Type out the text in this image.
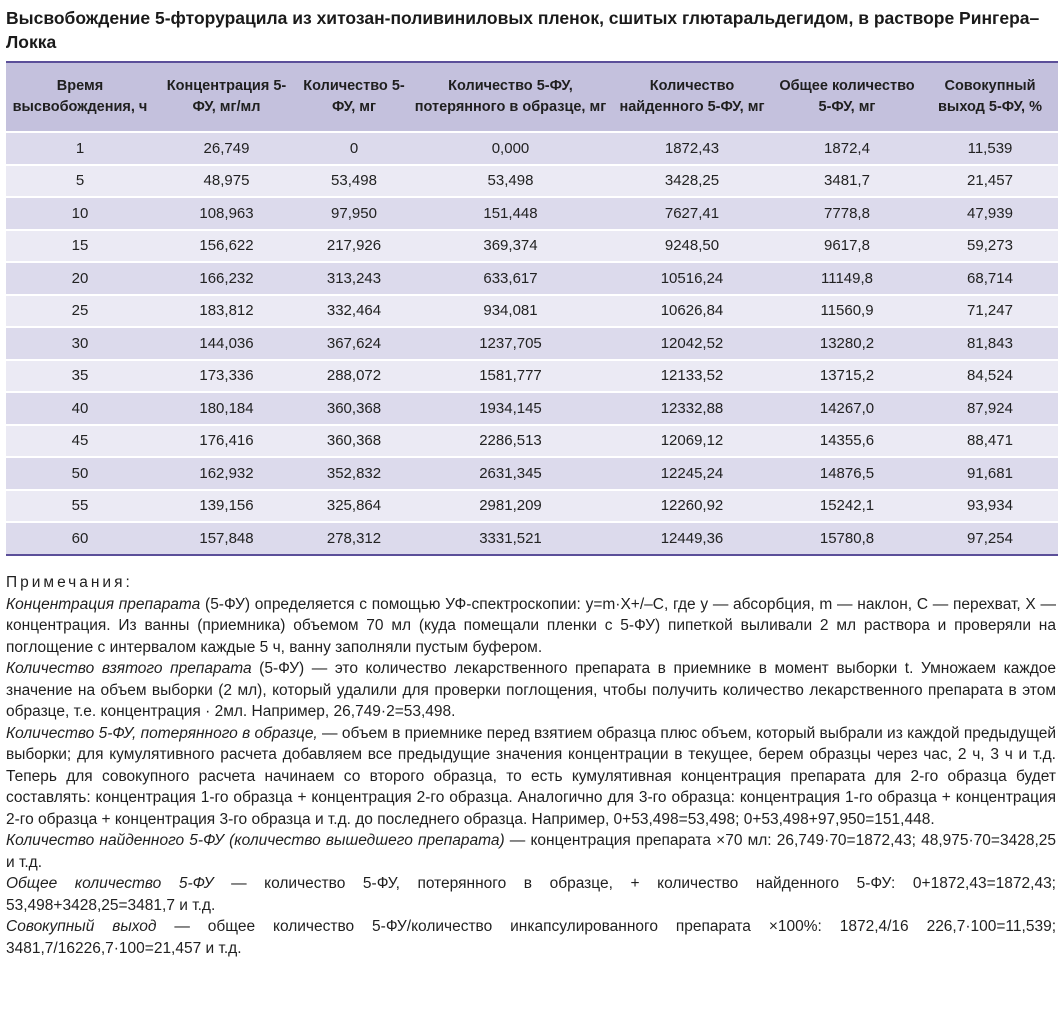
Высвобождение 5-фторурацила из хитозан-поливиниловых пленок, сшитых глютаральдегидом, в растворе Рингера–Локка
Время высвобождения, ч	Концентрация 5-ФУ, мг/мл	Количество 5-ФУ, мг	Количество 5-ФУ, потерянного в образце, мг	Количество найденного 5-ФУ, мг	Общее количество 5-ФУ, мг	Совокупный выход 5-ФУ, %
1	26,749	0	0,000	1872,43	1872,4	11,539
5	48,975	53,498	53,498	3428,25	3481,7	21,457
10	108,963	97,950	151,448	7627,41	7778,8	47,939
15	156,622	217,926	369,374	9248,50	9617,8	59,273
20	166,232	313,243	633,617	10516,24	11149,8	68,714
25	183,812	332,464	934,081	10626,84	11560,9	71,247
30	144,036	367,624	1237,705	12042,52	13280,2	81,843
35	173,336	288,072	1581,777	12133,52	13715,2	84,524
40	180,184	360,368	1934,145	12332,88	14267,0	87,924
45	176,416	360,368	2286,513	12069,12	14355,6	88,471
50	162,932	352,832	2631,345	12245,24	14876,5	91,681
55	139,156	325,864	2981,209	12260,92	15242,1	93,934
60	157,848	278,312	3331,521	12449,36	15780,8	97,254

Примечания:

Концентрация препарата (5-ФУ) определяется с помощью УФ-спектроскопии: y=m·X+/–C, где y — абсорбция, m — наклон, C — перехват, X — концентрация. Из ванны (приемника) объемом 70 мл (куда помещали пленки с 5-ФУ) пипеткой выливали 2 мл раствора и проверяли на поглощение с интервалом каждые 5 ч, ванну заполняли пустым буфером.

Количество взятого препарата (5-ФУ) — это количество лекарственного препарата в приемнике в момент выборки t. Умножаем каждое значение на объем выборки (2 мл), который удалили для проверки поглощения, чтобы получить количество лекарственного препарата в этом образце, т.е. концентрация · 2мл. Например, 26,749·2=53,498.

Количество 5-ФУ, потерянного в образце, — объем в приемнике перед взятием образца плюс объем, который выбрали из каждой предыдущей выборки; для кумулятивного расчета добавляем все предыдущие значения концентрации в текущее, берем образцы через час, 2 ч, 3 ч и т.д. Теперь для совокупного расчета начинаем со второго образца, то есть кумулятивная концентрация препарата для 2-го образца будет составлять: концентрация 1-го образца + концентрация 2-го образца. Аналогично для 3-го образца: концентрация 1-го образца + концентрация 2-го образца + концентрация 3-го образца и т.д. до последнего образца. Например, 0+53,498=53,498; 0+53,498+97,950=151,448.

Количество найденного 5-ФУ (количество вышедшего препарата) — концентрация препарата ×70 мл: 26,749·70=1872,43; 48,975·70=3428,25 и т.д.

Общее количество 5-ФУ — количество 5-ФУ, потерянного в образце, + количество найденного 5-ФУ: 0+1872,43=1872,43; 53,498+3428,25=3481,7 и т.д.

Совокупный выход — общее количество 5-ФУ/количество инкапсулированного препарата ×100%: 1872,4/16 226,7·100=11,539; 3481,7/16226,7·100=21,457 и т.д.
